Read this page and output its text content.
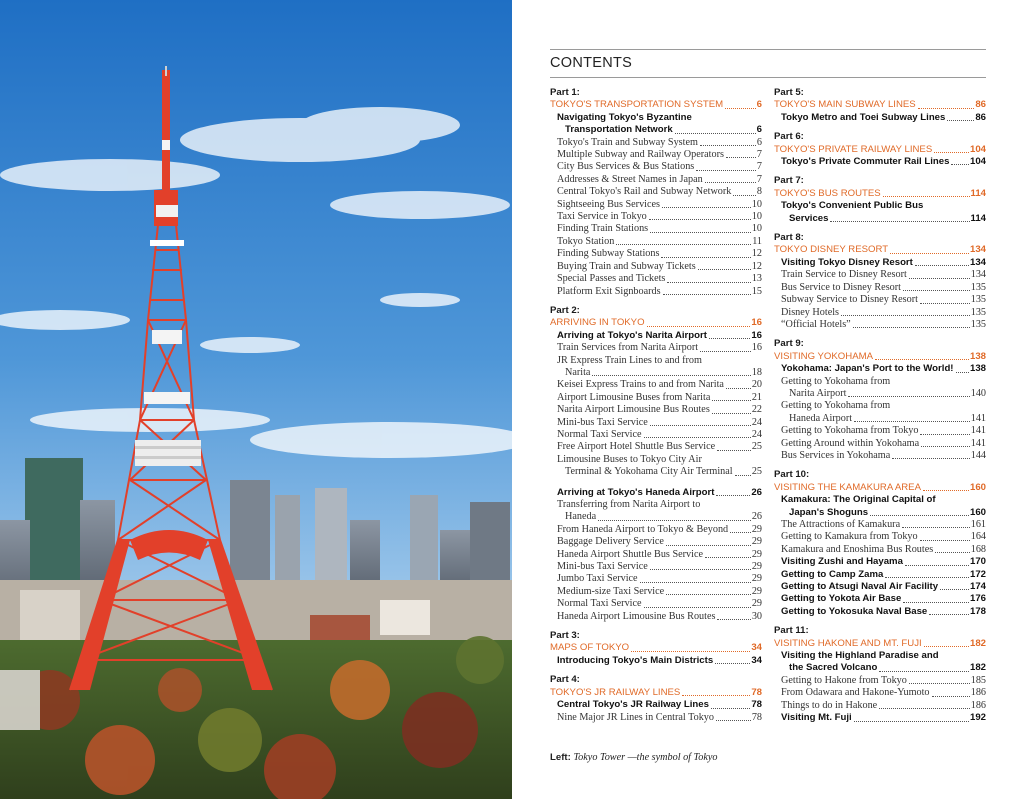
CONTENTS
Part 1:
TOKYO'S TRANSPORTATION SYSTEM	6
Navigating Tokyo's Byzantine
Transportation Network	6
Tokyo's Train and Subway System	6
Multiple Subway and Railway Operators	7
City Bus Services & Bus Stations	7
Addresses & Street Names in Japan	7
Central Tokyo's Rail and Subway Network	8
Sightseeing Bus Services	10
Taxi Service in Tokyo	10
Finding Train Stations	10
Tokyo Station	11
Finding Subway Stations	12
Buying Train and Subway Tickets	12
Special Passes and Tickets	13
Platform Exit Signboards	15
Part 2:
ARRIVING IN TOKYO	16
Arriving at Tokyo's Narita Airport	16
Train Services from Narita Airport	16
JR Express Train Lines to and from
Narita	18
Keisei Express Trains to and from Narita	20
Airport Limousine Buses from Narita	21
Narita Airport Limousine Bus Routes	22
Mini-bus Taxi Service	24
Normal Taxi Service	24
Free Airport Hotel Shuttle Bus Service	25
Limousine Buses to Tokyo City Air
Terminal & Yokohama City Air Terminal 25
Arriving at Tokyo's Haneda Airport	26
Transferring from Narita Airport to
Haneda	26
From Haneda Airport to Tokyo & Beyond 29
Baggage Delivery Service	29
Haneda Airport Shuttle Bus Service	29
Mini-bus Taxi Service	29
Jumbo Taxi Service	29
Medium-size Taxi Service	29
Normal Taxi Service	29
Haneda Airport Limousine Bus Routes	30
Part 3:
MAPS OF TOKYO	34
Introducing Tokyo's Main Districts	34
Part 4:
TOKYO'S JR RAILWAY LINES	78
Central Tokyo's JR Railway Lines	78
Nine Major JR Lines in Central Tokyo	78
Part 5:
TOKYO'S MAIN SUBWAY LINES	86
Tokyo Metro and Toei Subway Lines	86
Part 6:
TOKYO'S PRIVATE RAILWAY LINES	104
Tokyo's Private Commuter Rail Lines 104
Part 7:
TOKYO'S BUS ROUTES	114
Tokyo's Convenient Public Bus
Services	114
Part 8:
TOKYO DISNEY RESORT	134
Visiting Tokyo Disney Resort	134
Train Service to Disney Resort	134
Bus Service to Disney Resort	135
Subway Service to Disney Resort	135
Disney Hotels	135
“Official Hotels”	135
Part 9:
VISITING YOKOHAMA	138
Yokohama: Japan's Port to the World! 138
Getting to Yokohama from
Narita Airport	140
Getting to Yokohama from
Haneda Airport	141
Getting to Yokohama from Tokyo	141
Getting Around within Yokohama	141
Bus Services in Yokohama	144
Part 10:
VISITING THE KAMAKURA AREA	160
Kamakura: The Original Capital of
Japan's Shoguns	160
The Attractions of Kamakura	161
Getting to Kamakura from Tokyo	164
Kamakura and Enoshima Bus Routes	168
Visiting Zushi and Hayama	170
Getting to Camp Zama	172
Getting to Atsugi Naval Air Facility	174
Getting to Yokota Air Base	176
Getting to Yokosuka Naval Base	178
Part 11:
VISITING HAKONE AND MT. FUJI	182
Visiting the Highland Paradise and
the Sacred Volcano	182
Getting to Hakone from Tokyo	185
From Odawara and Hakone-Yumoto	186
Things to do in Hakone	186
Visiting Mt. Fuji	192
Left: Tokyo Tower —the symbol of Tokyo
